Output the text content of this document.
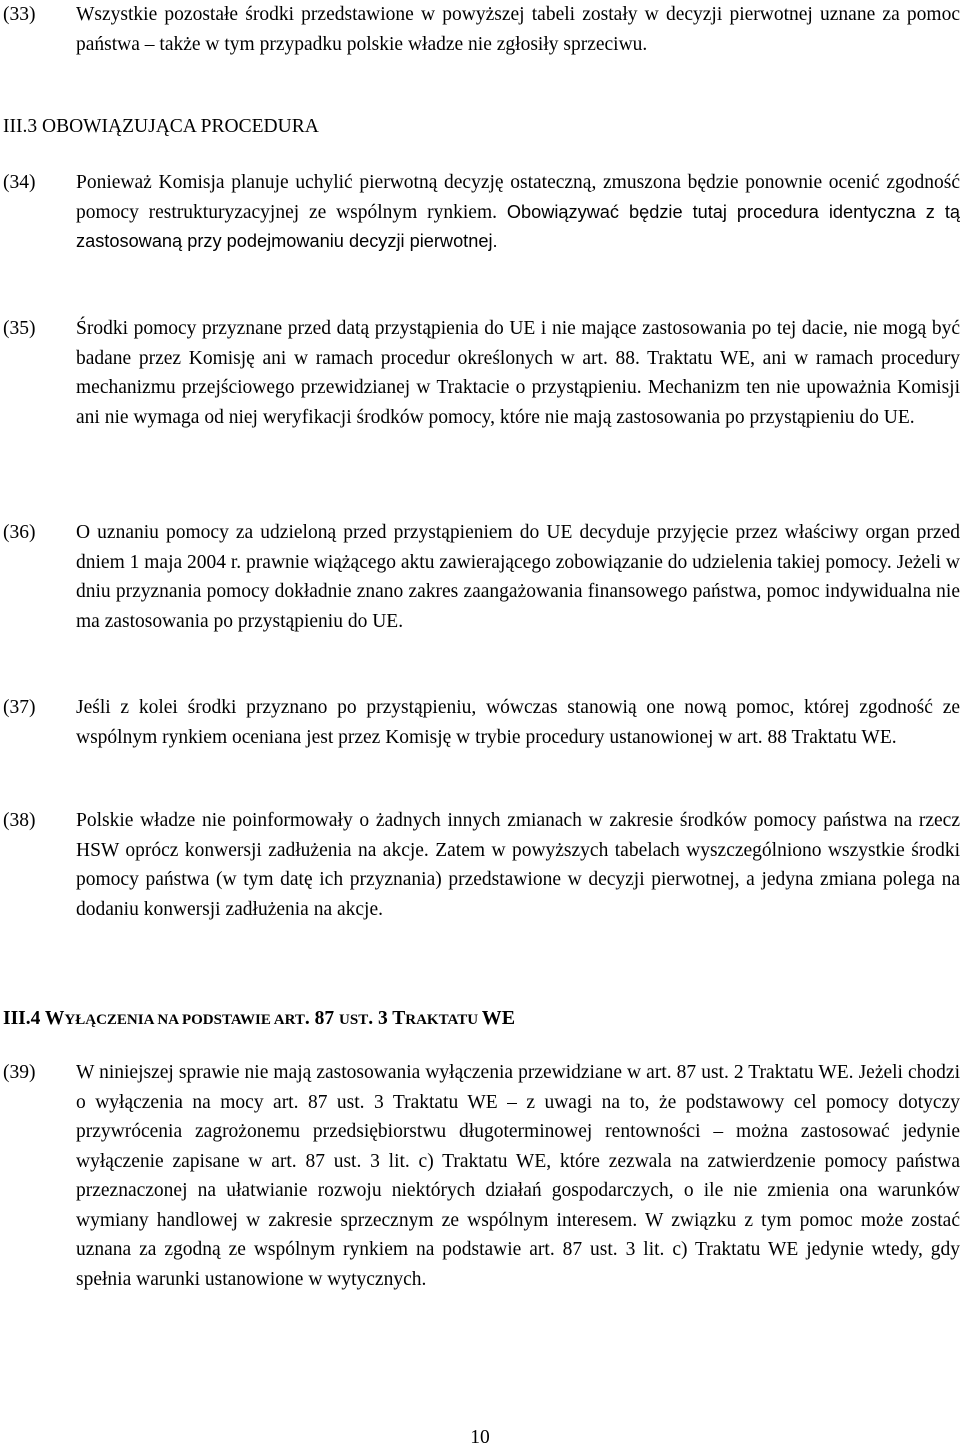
(33) Wszystkie pozostałe środki przedstawione w powyższej tabeli zostały w decyzji pierwotnej uznane za pomoc państwa – także w tym przypadku polskie władze nie zgłosiły sprzeciwu.
III.3 OBOWIĄZUJĄCA PROCEDURA
(34) Ponieważ Komisja planuje uchylić pierwotną decyzję ostateczną, zmuszona będzie ponownie ocenić zgodność pomocy restrukturyzacyjnej ze wspólnym rynkiem. Obowiązywać będzie tutaj procedura identyczna z tą zastosowaną przy podejmowaniu decyzji pierwotnej.
(35) Środki pomocy przyznane przed datą przystąpienia do UE i nie mające zastosowania po tej dacie, nie mogą być badane przez Komisję ani w ramach procedur określonych w art. 88. Traktatu WE, ani w ramach procedury mechanizmu przejściowego przewidzianej w Traktacie o przystąpieniu. Mechanizm ten nie upoważnia Komisji ani nie wymaga od niej weryfikacji środków pomocy, które nie mają zastosowania po przystąpieniu do UE.
(36) O uznaniu pomocy za udzieloną przed przystąpieniem do UE decyduje przyjęcie przez właściwy organ przed dniem 1 maja 2004 r. prawnie wiążącego aktu zawierającego zobowiązanie do udzielenia takiej pomocy. Jeżeli w dniu przyznania pomocy dokładnie znano zakres zaangażowania finansowego państwa, pomoc indywidualna nie ma zastosowania po przystąpieniu do UE.
(37) Jeśli z kolei środki przyznano po przystąpieniu, wówczas stanowią one nową pomoc, której zgodność ze wspólnym rynkiem oceniana jest przez Komisję w trybie procedury ustanowionej w art. 88 Traktatu WE.
(38) Polskie władze nie poinformowały o żadnych innych zmianach w zakresie środków pomocy państwa na rzecz HSW oprócz konwersji zadłużenia na akcje. Zatem w powyższych tabelach wyszczególniono wszystkie środki pomocy państwa (w tym datę ich przyznania) przedstawione w decyzji pierwotnej, a jedyna zmiana polega na dodaniu konwersji zadłużenia na akcje.
III.4 WYŁĄCZENIA NA PODSTAWIE ART. 87 UST. 3 TRAKTATU WE
(39) W niniejszej sprawie nie mają zastosowania wyłączenia przewidziane w art. 87 ust. 2 Traktatu WE. Jeżeli chodzi o wyłączenia na mocy art. 87 ust. 3 Traktatu WE – z uwagi na to, że podstawowy cel pomocy dotyczy przywrócenia zagrożonemu przedsiębiorstwu długoterminowej rentowności – można zastosować jedynie wyłączenie zapisane w art. 87 ust. 3 lit. c) Traktatu WE, które zezwala na zatwierdzenie pomocy państwa przeznaczonej na ułatwianie rozwoju niektórych działań gospodarczych, o ile nie zmienia ona warunków wymiany handlowej w zakresie sprzecznym ze wspólnym interesem. W związku z tym pomoc może zostać uznana za zgodną ze wspólnym rynkiem na podstawie art. 87 ust. 3 lit. c) Traktatu WE jedynie wtedy, gdy spełnia warunki ustanowione w wytycznych.
10
